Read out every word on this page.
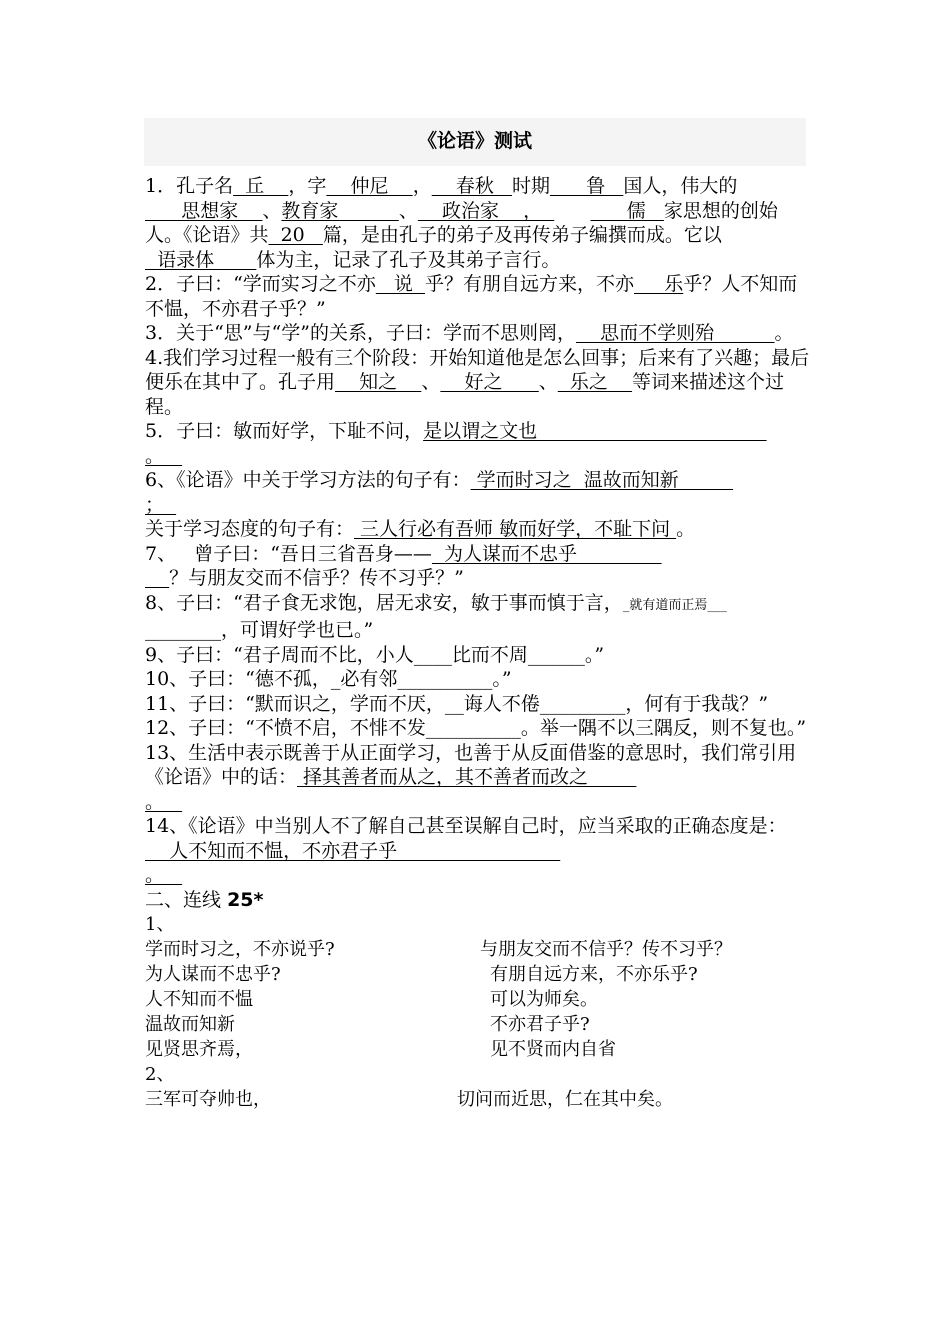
《论语》测试

1．孔子名  丘    ，字    仲尼    ，    春秋   时期      鲁   国人，伟大的      思想家    、教育家          、    政治家    ，              儒   家思想的创始人。《论语》共  20   篇，是由孔子的弟子及再传弟子编撰而成。它以  语录体       体为主，记录了孔子及其弟子言行。

2．子曰：“学而实习之不亦   说  乎？有朋自远方来，不亦     乐乎？人不知而不愠，不亦君子乎？”

3．关于“思”与“学”的关系，子曰：学而不思则罔，    思而不学则殆          。

4.我们学习过程一般有三个阶段：开始知道他是怎么回事；后来有了兴趣；最后便乐在其中了。孔子用    知之    、    好之      、  乐之    等词来描述这个过程。

5．子曰：敏而好学，下耻不问，是以谓之文也
。

6、《论语》中关于学习方法的句子有： 学而时习之  温故而知新
；
关于学习态度的句子有： 三人行必有吾师 敏而好学，不耻下问 。

7、   曾子曰：“吾日三省吾身——  为人谋而不忠乎
？与朋友交而不信乎？传不习乎？”

8、子曰：“君子食无求饱，居无求安，敏于事而慎于言，_就有道而正焉___
________，可谓好学也已。”

9、子曰：“君子周而不比，小人____比而不周______。”

10、子曰：“德不孤，_必有邻__________。”

11、子曰：“默而识之，学而不厌，__诲人不倦_________，何有于我哉？”

12、子曰：“不愤不启，不悱不发__________。举一隅不以三隅反，则不复也。”

13、生活中表示既善于从正面学习，也善于从反面借鉴的意思时，我们常引用《论语》中的话： 择其善者而从之，其不善者而改之
。

14、《论语》中当别人不了解自己甚至误解自己时，应当采取的正确态度是：    人不知而不愠，不亦君子乎
。

二、连线 25*

1、
学而时习之，不亦说乎?	与朋友交而不信乎？传不习乎？
为人谋而不忠乎?	有朋自远方来，不亦乐乎?
人不知而不愠	可以为师矣。
温故而知新	不亦君子乎?
见贤思齐焉，	见不贤而内自省
2、
三军可夺帅也，	切问而近思，仁在其中矣。
